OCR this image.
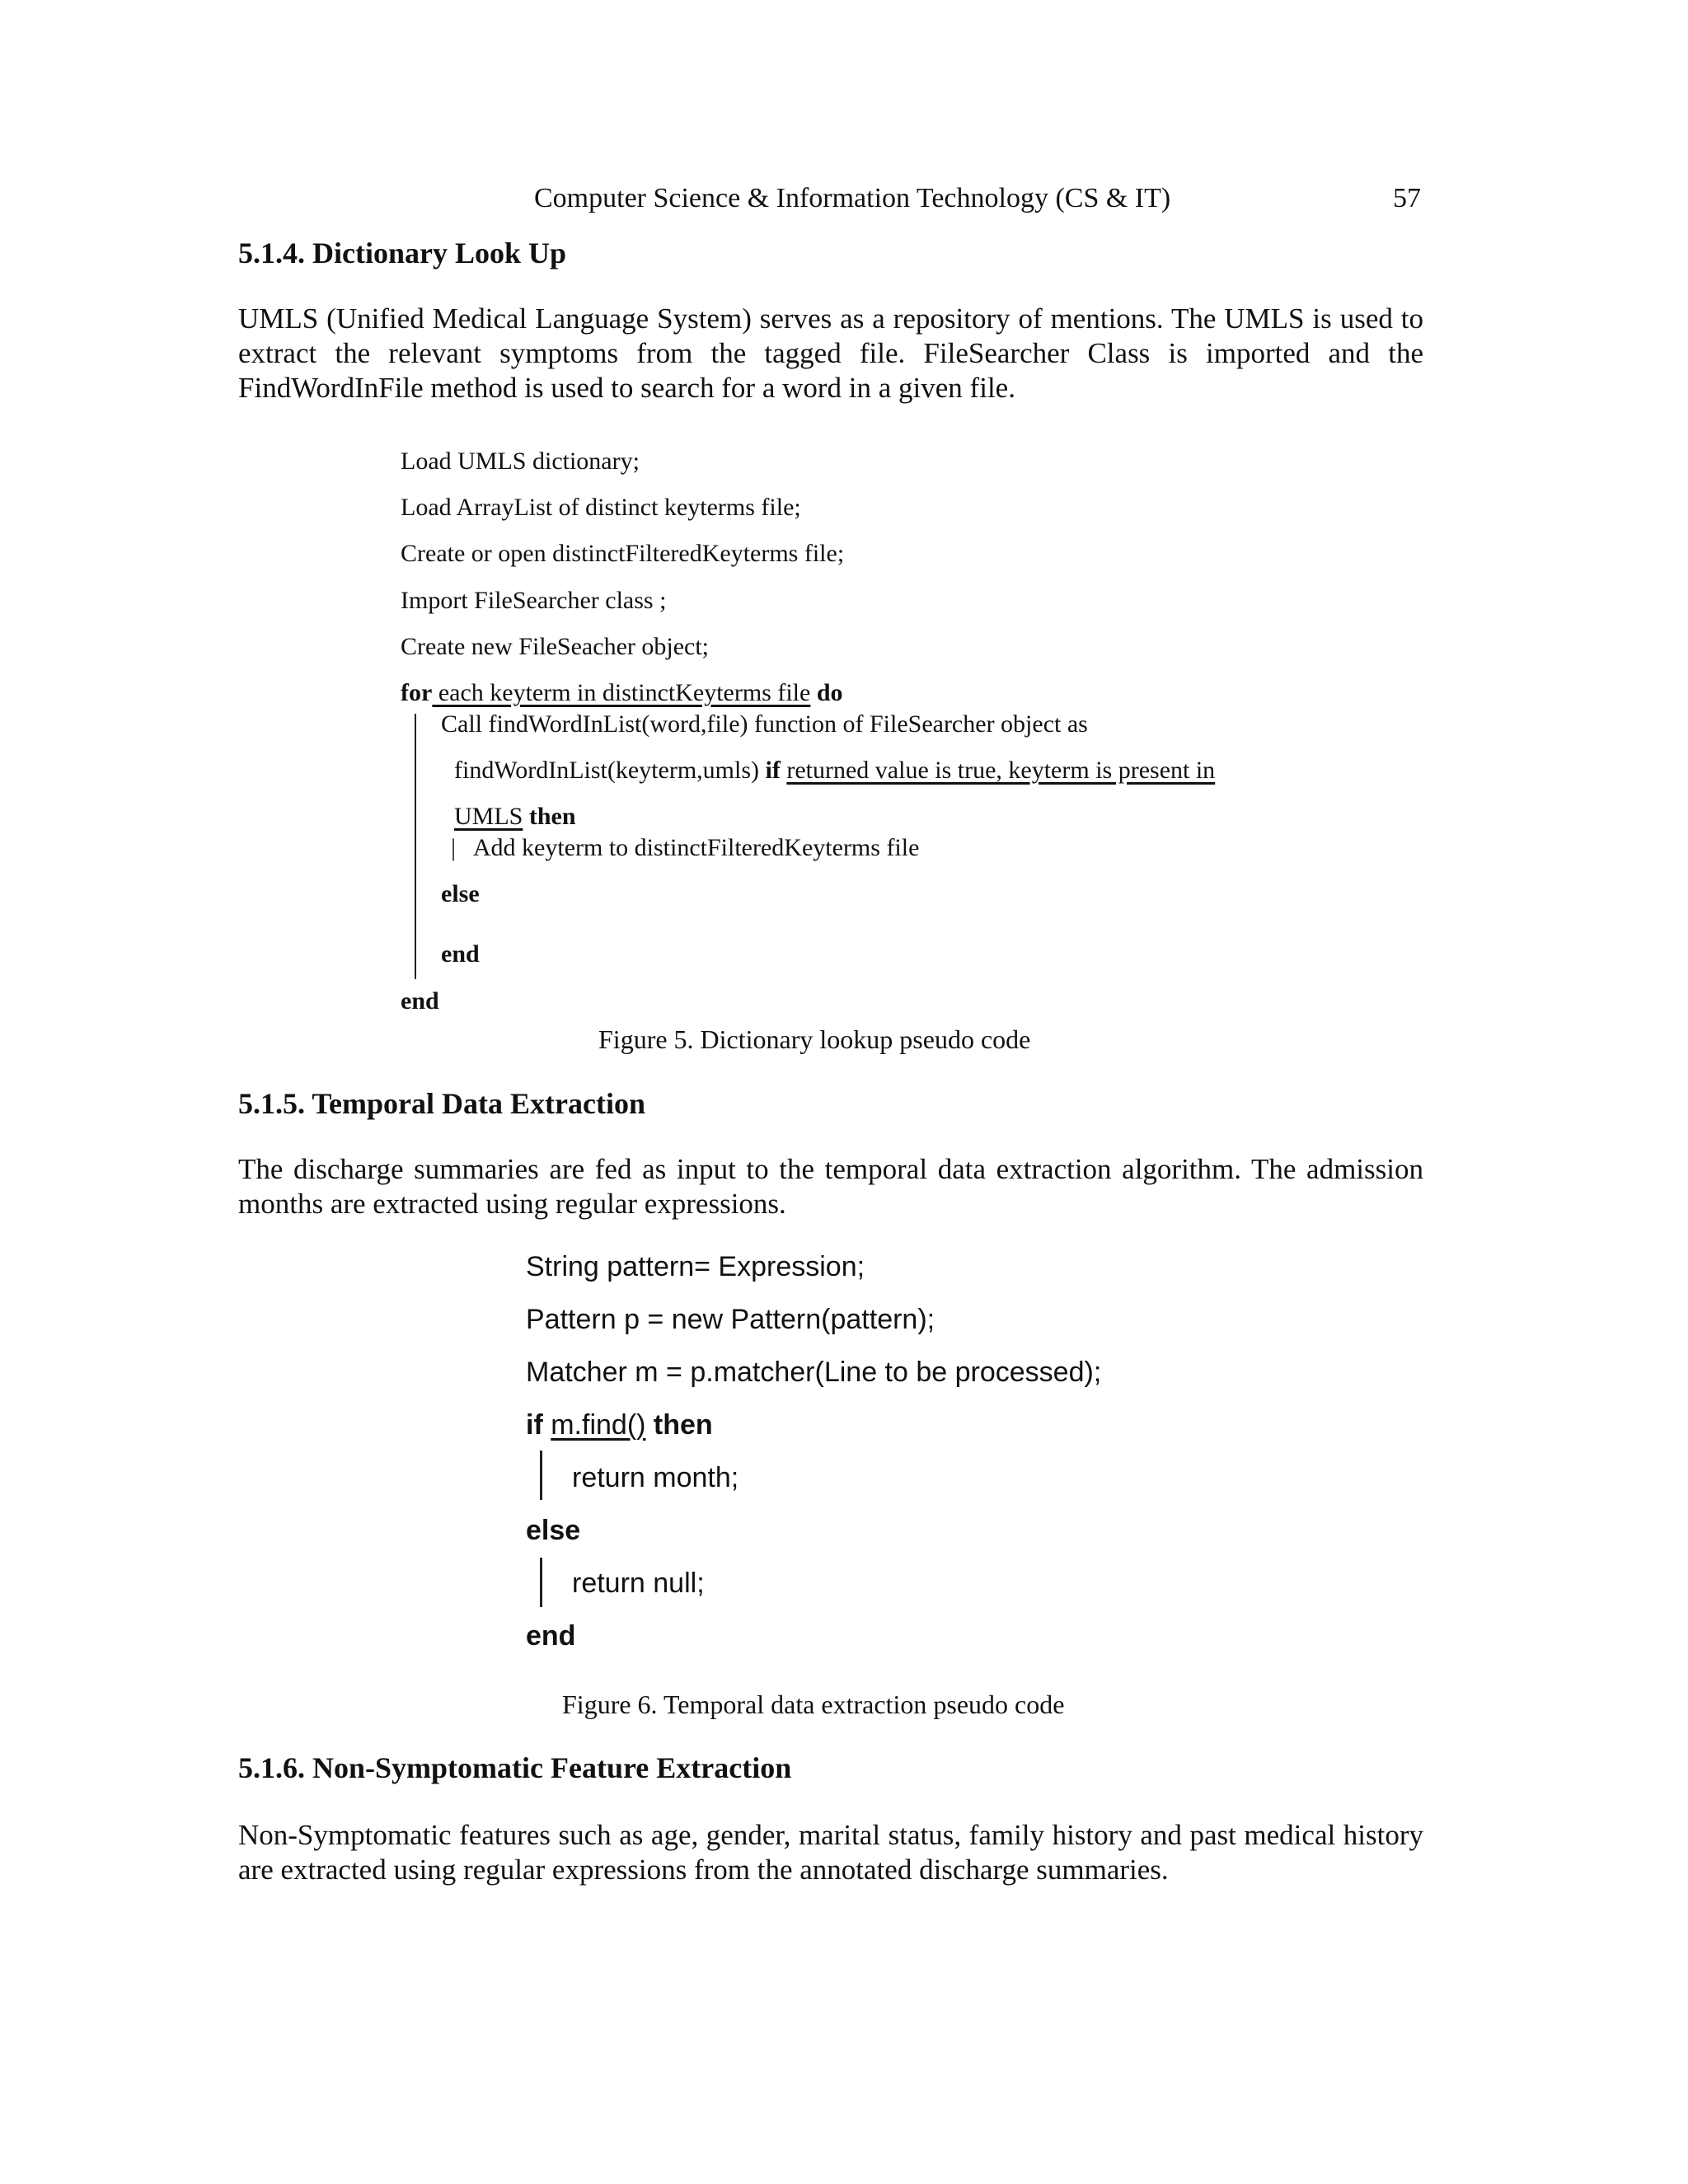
Computer Science & Information Technology (CS & IT)	57
5.1.4. Dictionary Look Up

UMLS (Unified Medical Language System) serves as a repository of mentions. The UMLS is used to extract the relevant symptoms from the tagged file. FileSearcher Class is imported and the FindWordInFile method is used to search for a word in a given file.

Load UMLS dictionary;
Load ArrayList of distinct keyterms file;
Create or open distinctFilteredKeyterms file;
Import FileSearcher class ;
Create new FileSeacher object;
for each keyterm in distinctKeyterms file do
Call findWordInList(word,file) function of FileSearcher object as
findWordInList(keyterm,umls) if returned value is true, keyterm is present in
UMLS then
| Add keyterm to distinctFilteredKeyterms file
else
end
end
Figure 5. Dictionary lookup pseudo code
5.1.5. Temporal Data Extraction

The discharge summaries are fed as input to the temporal data extraction algorithm. The admission months are extracted using regular expressions.

String pattern= Expression;
Pattern p = new Pattern(pattern);
Matcher m = p.matcher(Line to be processed);
if m.find() then
return month;
else
return null;
end
Figure 6. Temporal data extraction pseudo code
5.1.6. Non-Symptomatic Feature Extraction

Non-Symptomatic features such as age, gender, marital status, family history and past medical history are extracted using regular expressions from the annotated discharge summaries.
